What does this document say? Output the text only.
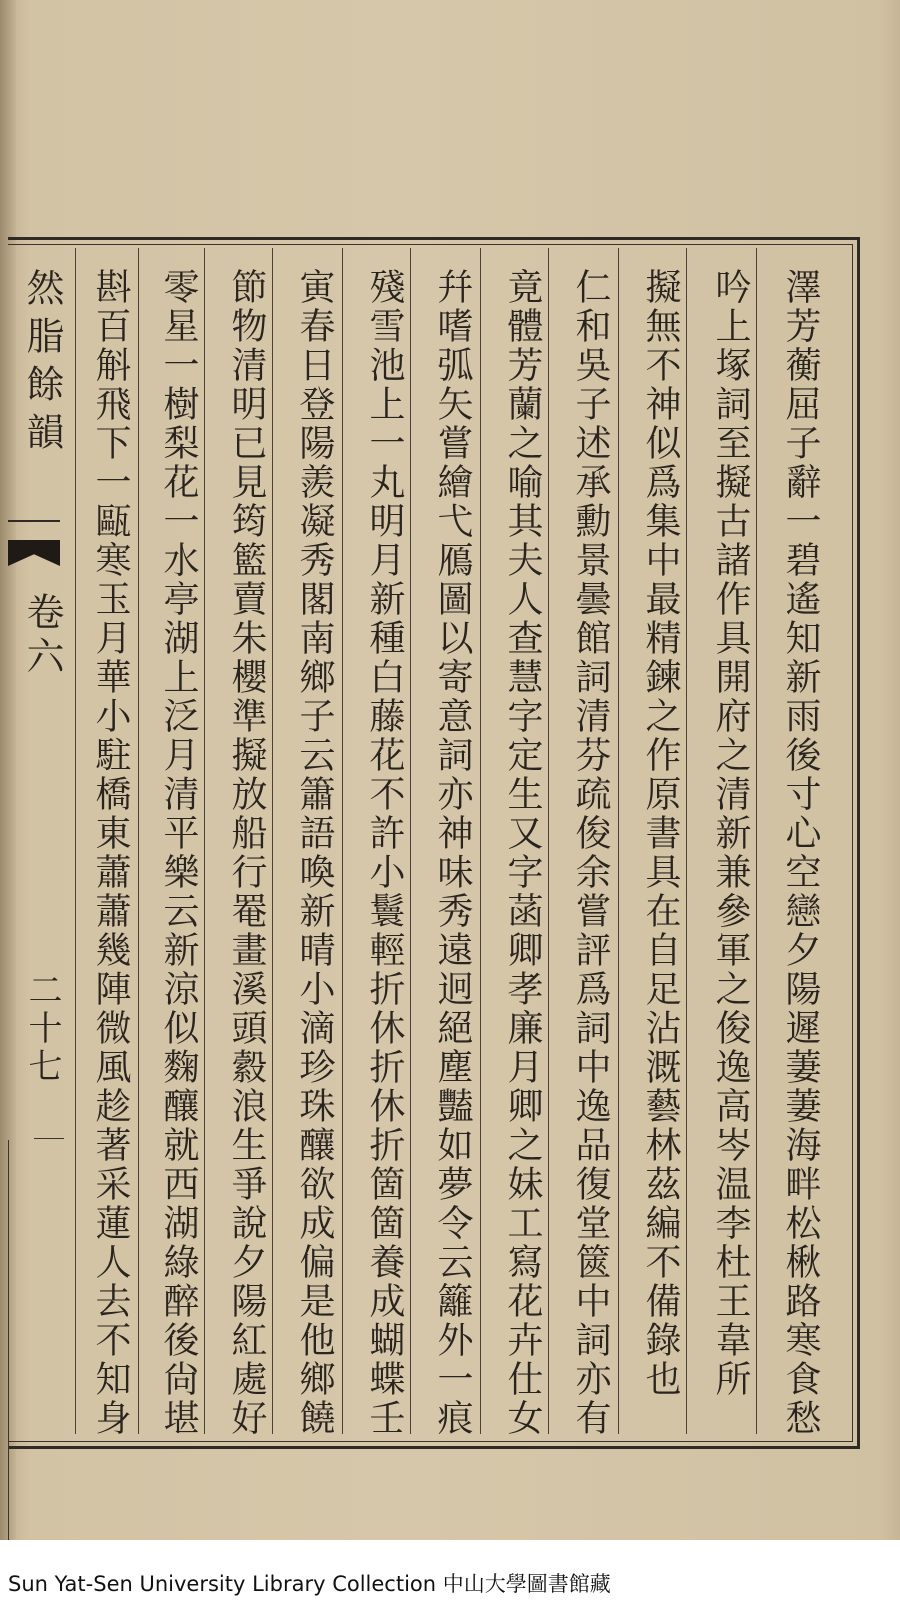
然脂餘韻
卷六
二十七	澤芳蘅屈子辭一碧遙知新雨後寸心空戀夕陽遲萋萋海畔松楸路寒食愁
吟上塚詞至擬古諸作具開府之清新兼參軍之俊逸高岑温李杜王韋所
擬無不神似爲集中最精鍊之作原書具在自足沾溉藝林茲編不備錄也
仁和吳子述承勳景曇館詞清芬疏俊余嘗評爲詞中逸品復堂篋中詞亦有
竟體芳蘭之喻其夫人查慧字定生又字菡卿孝廉月卿之妹工寫花卉仕女
幷嗜弧矢嘗繪弋鴈圖以寄意詞亦神味秀遠迥絕塵豔如夢令云籬外一痕
殘雪池上一丸明月新種白藤花不許小鬟輕折休折休折箇箇養成蝴蝶壬
寅春日登陽羨凝秀閣南鄉子云簫語喚新晴小滴珍珠釀欲成偏是他鄉饒
節物清明已見筠籃賣朱櫻準擬放船行罨畫溪頭縠浪生爭說夕陽紅處好
零星一樹梨花一水亭湖上泛月清平樂云新涼似麴釀就西湖綠醉後尙堪
斟百斛飛下一甌寒玉月華小駐橋東蕭蕭幾陣微風趁著采蓮人去不知身
Sun Yat-Sen University Library Collection 中山大學圖書館藏
